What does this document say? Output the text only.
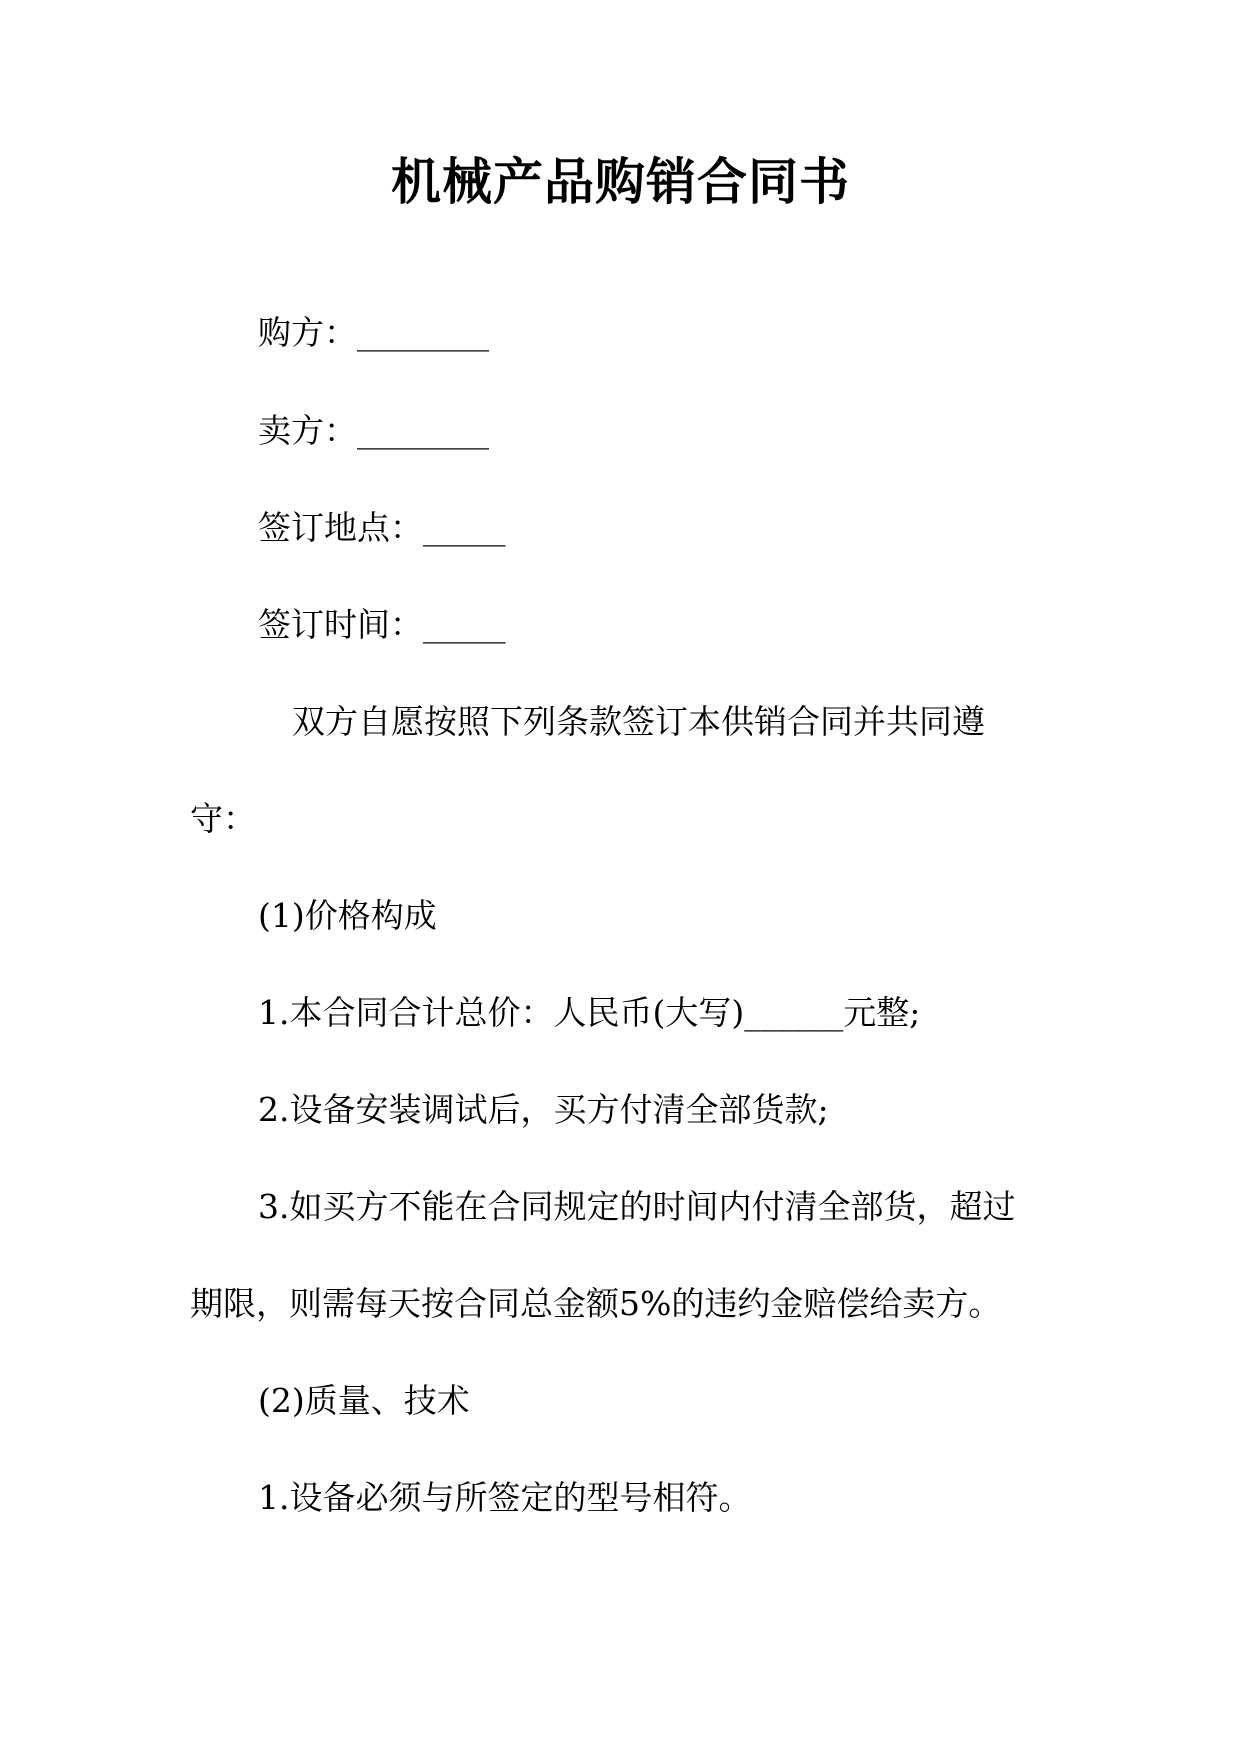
机械产品购销合同书
购方：________
卖方：________
签订地点：_____
签订时间：_____
双方自愿按照下列条款签订本供销合同并共同遵
守：
(1)价格构成
1.本合同合计总价：人民币(大写)______元整;
2.设备安装调试后，买方付清全部货款;
3.如买方不能在合同规定的时间内付清全部货，超过
期限，则需每天按合同总金额5%的违约金赔偿给卖方。
(2)质量、技术
1.设备必须与所签定的型号相符。
